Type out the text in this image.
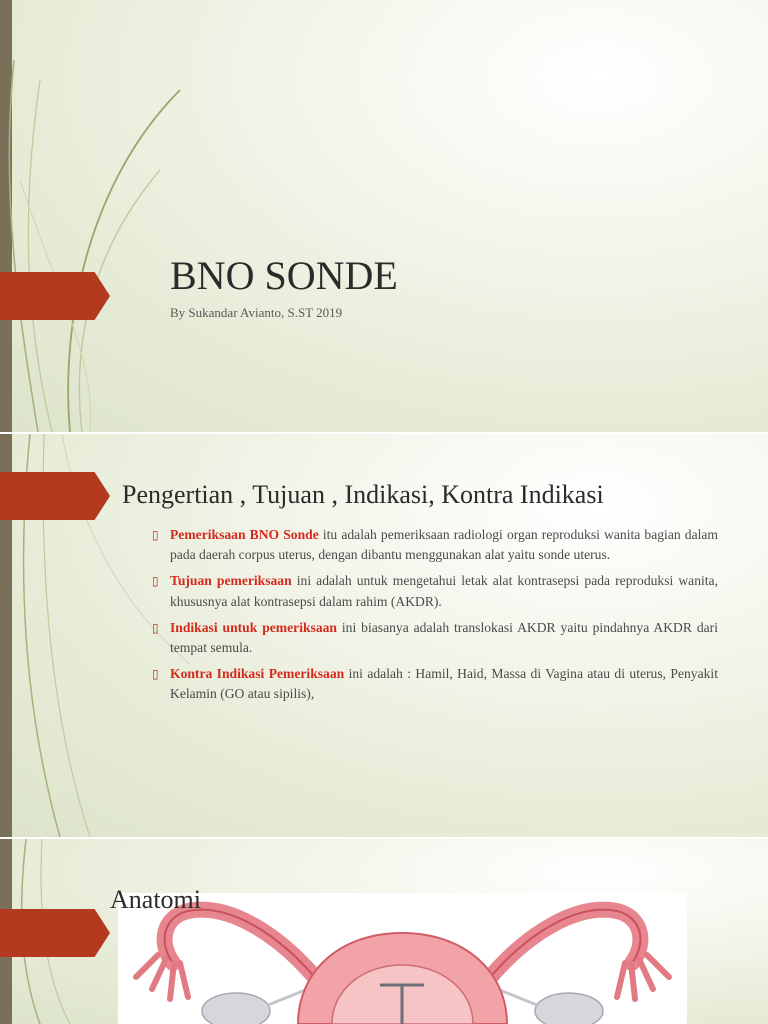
BNO SONDE
By Sukandar Avianto, S.ST 2019
Pengertian , Tujuan , Indikasi, Kontra Indikasi
▯ Pemeriksaan BNO Sonde itu adalah pemeriksaan radiologi organ reproduksi wanita bagian dalam pada daerah corpus uterus, dengan dibantu menggunakan alat yaitu sonde uterus.
▯ Tujuan pemeriksaan ini adalah untuk mengetahui letak alat kontrasepsi pada reproduksi wanita, khususnya alat kontrasepsi dalam rahim (AKDR).
▯ Indikasi untuk pemeriksaan ini biasanya adalah translokasi AKDR yaitu pindahnya AKDR dari tempat semula.
▯ Kontra Indikasi Pemeriksaan ini adalah : Hamil, Haid, Massa di Vagina atau di uterus, Penyakit Kelamin (GO atau sipilis),
Anatomi
